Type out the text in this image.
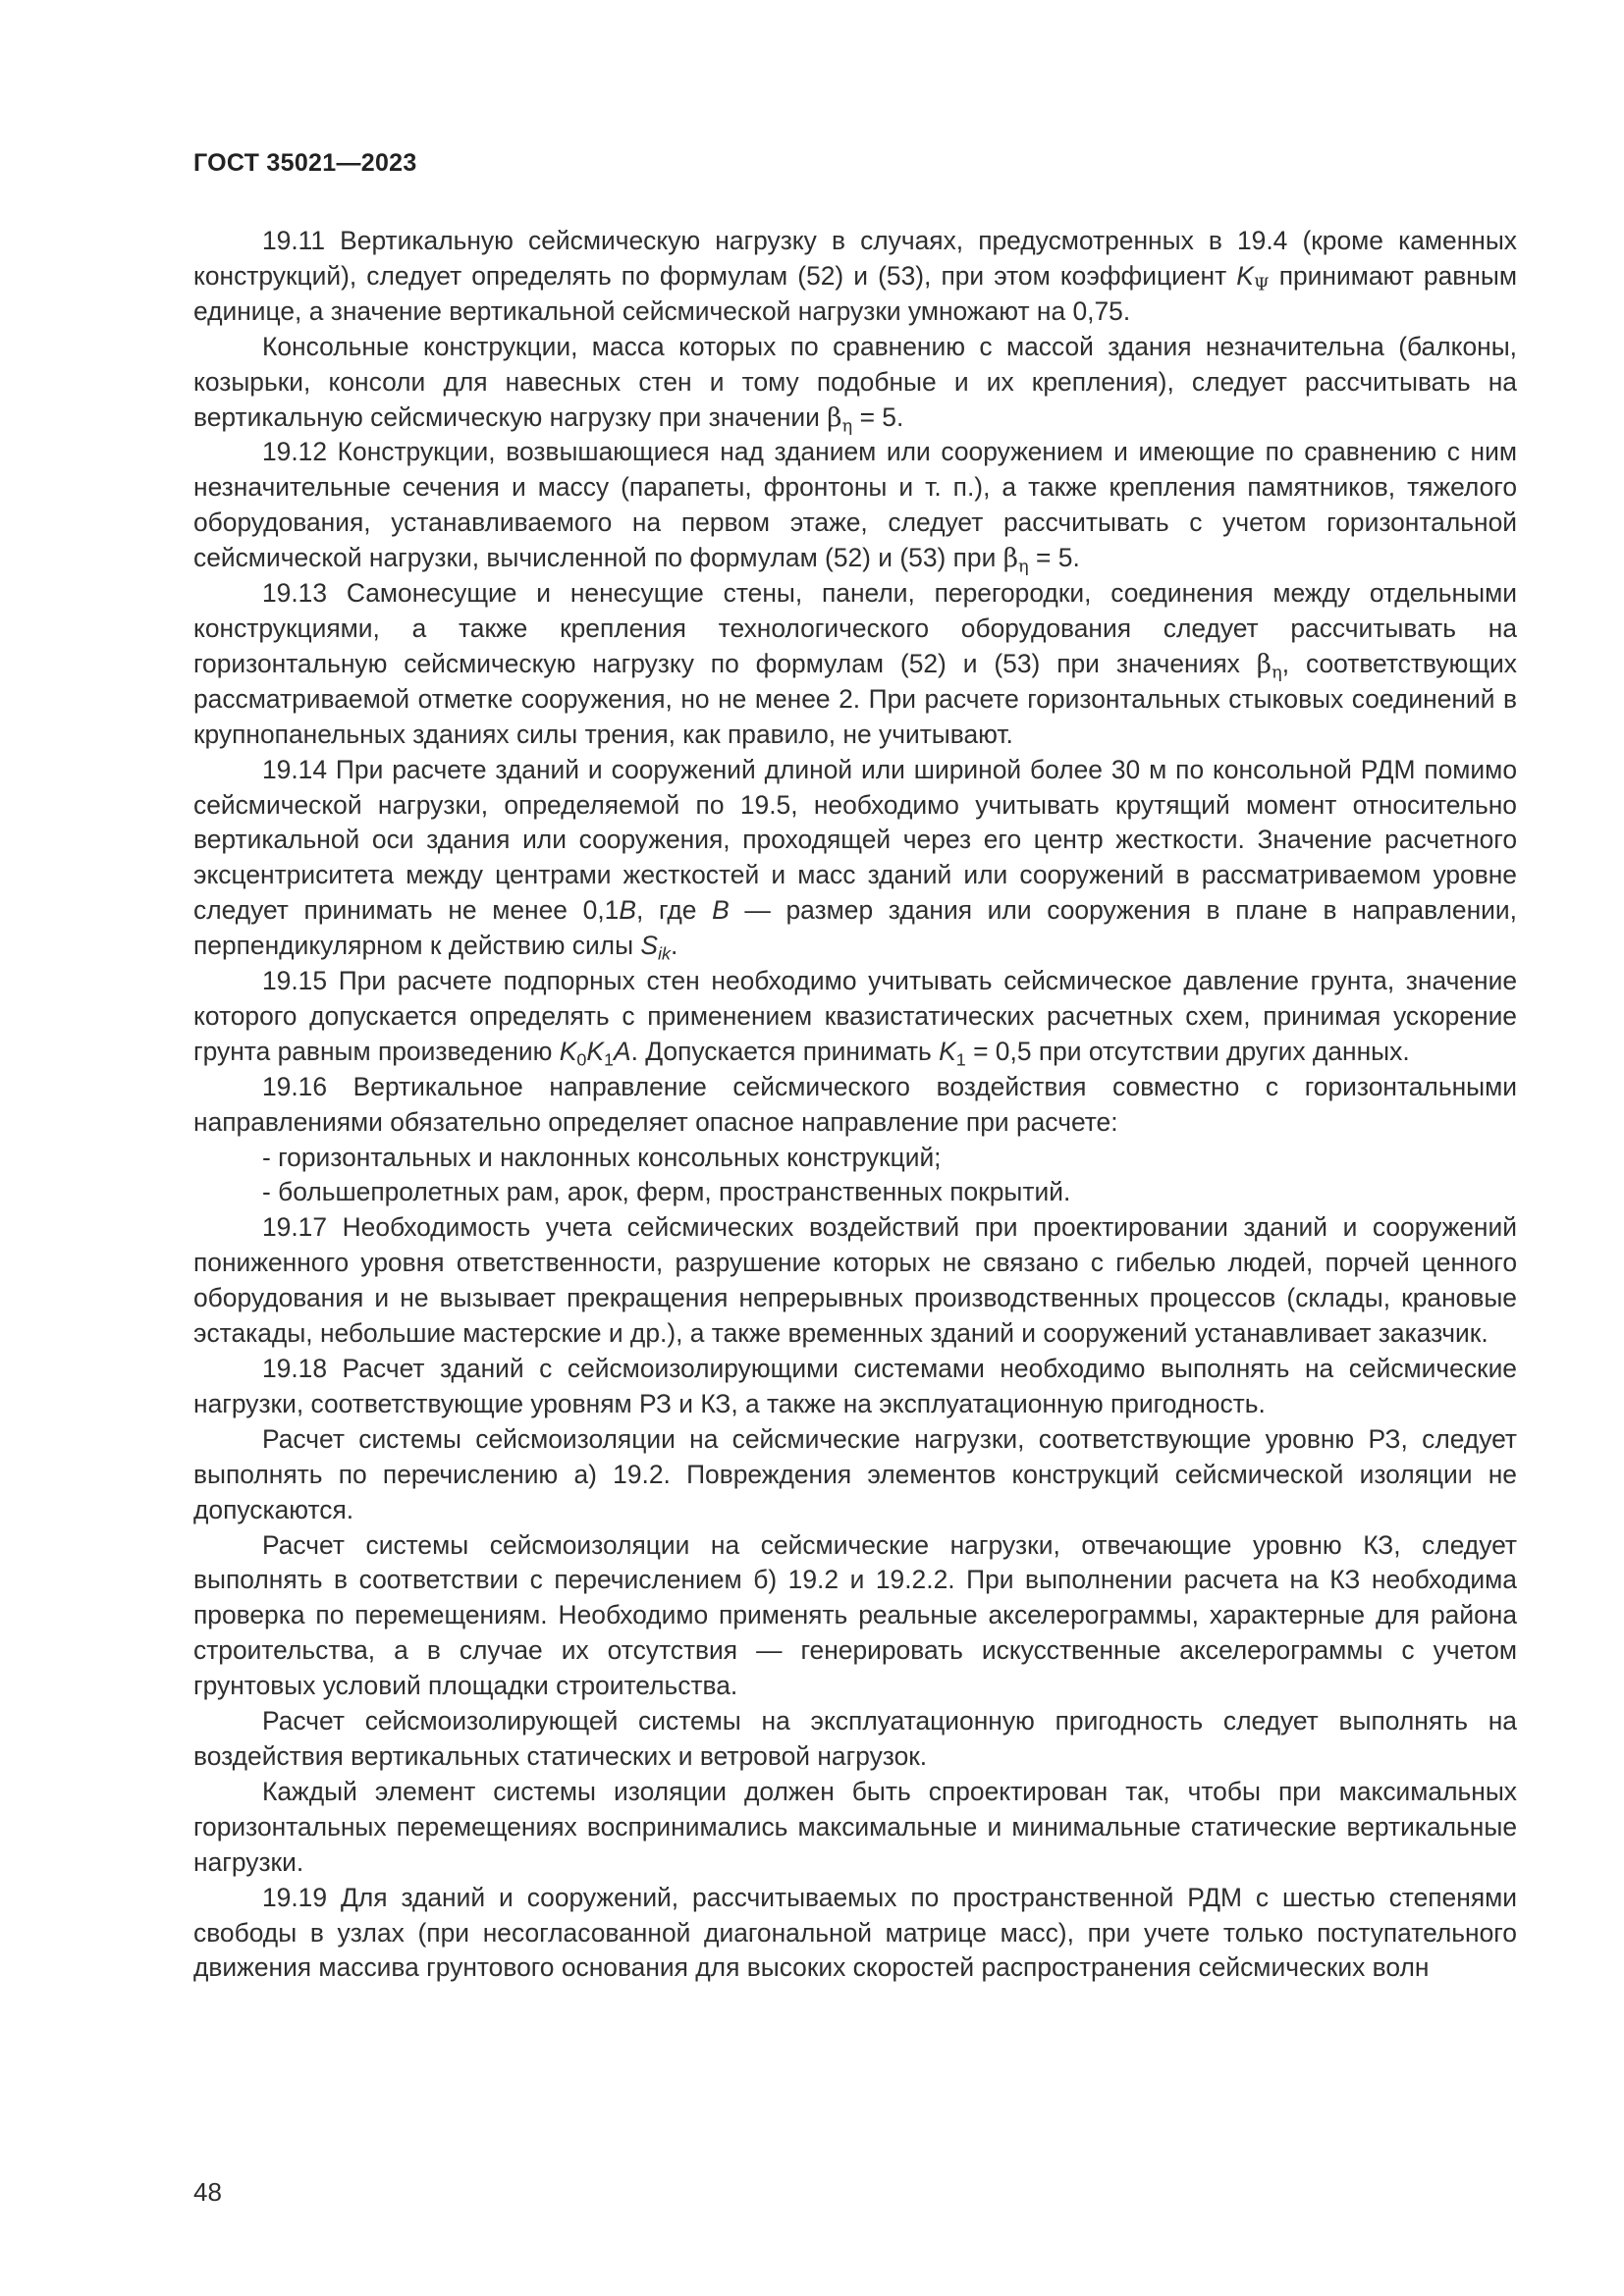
ГОСТ 35021—2023

19.11 Вертикальную сейсмическую нагрузку в случаях, предусмотренных в 19.4 (кроме каменных конструкций), следует определять по формулам (52) и (53), при этом коэффициент $K_\Psi$ принимают равным единице, а значение вертикальной сейсмической нагрузки умножают на 0,75.

Консольные конструкции, масса которых по сравнению с массой здания незначительна (балконы, козырьки, консоли для навесных стен и тому подобные и их крепления), следует рассчитывать на вертикальную сейсмическую нагрузку при значении $\beta_\eta = 5$.

19.12 Конструкции, возвышающиеся над зданием или сооружением и имеющие по сравнению с ним незначительные сечения и массу (парапеты, фронтоны и т. п.), а также крепления памятников, тяжелого оборудования, устанавливаемого на первом этаже, следует рассчитывать с учетом горизонтальной сейсмической нагрузки, вычисленной по формулам (52) и (53) при $\beta_\eta = 5$.

19.13 Самонесущие и ненесущие стены, панели, перегородки, соединения между отдельными конструкциями, а также крепления технологического оборудования следует рассчитывать на горизонтальную сейсмическую нагрузку по формулам (52) и (53) при значениях $\beta_\eta$, соответствующих рассматриваемой отметке сооружения, но не менее 2. При расчете горизонтальных стыковых соединений в крупнопанельных зданиях силы трения, как правило, не учитывают.

19.14 При расчете зданий и сооружений длиной или шириной более 30 м по консольной РДМ помимо сейсмической нагрузки, определяемой по 19.5, необходимо учитывать крутящий момент относительно вертикальной оси здания или сооружения, проходящей через его центр жесткости. Значение расчетного эксцентриситета между центрами жесткостей и масс зданий или сооружений в рассматриваемом уровне следует принимать не менее 0,1B, где B — размер здания или сооружения в плане в направлении, перпендикулярном к действию силы $S_{ik}$.

19.15 При расчете подпорных стен необходимо учитывать сейсмическое давление грунта, значение которого допускается определять с применением квазистатических расчетных схем, принимая ускорение грунта равным произведению $K_0K_1A$. Допускается принимать $K_1 = 0,5$ при отсутствии других данных.

19.16 Вертикальное направление сейсмического воздействия совместно с горизонтальными направлениями обязательно определяет опасное направление при расчете:

- горизонтальных и наклонных консольных конструкций;

- большепролетных рам, арок, ферм, пространственных покрытий.

19.17 Необходимость учета сейсмических воздействий при проектировании зданий и сооружений пониженного уровня ответственности, разрушение которых не связано с гибелью людей, порчей ценного оборудования и не вызывает прекращения непрерывных производственных процессов (склады, крановые эстакады, небольшие мастерские и др.), а также временных зданий и сооружений устанавливает заказчик.

19.18 Расчет зданий с сейсмоизолирующими системами необходимо выполнять на сейсмические нагрузки, соответствующие уровням РЗ и КЗ, а также на эксплуатационную пригодность.

Расчет системы сейсмоизоляции на сейсмические нагрузки, соответствующие уровню РЗ, следует выполнять по перечислению а) 19.2. Повреждения элементов конструкций сейсмической изоляции не допускаются.

Расчет системы сейсмоизоляции на сейсмические нагрузки, отвечающие уровню КЗ, следует выполнять в соответствии с перечислением б) 19.2 и 19.2.2. При выполнении расчета на КЗ необходима проверка по перемещениям. Необходимо применять реальные акселерограммы, характерные для района строительства, а в случае их отсутствия — генерировать искусственные акселерограммы с учетом грунтовых условий площадки строительства.

Расчет сейсмоизолирующей системы на эксплуатационную пригодность следует выполнять на воздействия вертикальных статических и ветровой нагрузок.

Каждый элемент системы изоляции должен быть спроектирован так, чтобы при максимальных горизонтальных перемещениях воспринимались максимальные и минимальные статические вертикальные нагрузки.

19.19 Для зданий и сооружений, рассчитываемых по пространственной РДМ с шестью степенями свободы в узлах (при несогласованной диагональной матрице масс), при учете только поступательного движения массива грунтового основания для высоких скоростей распространения сейсмических волн

48
